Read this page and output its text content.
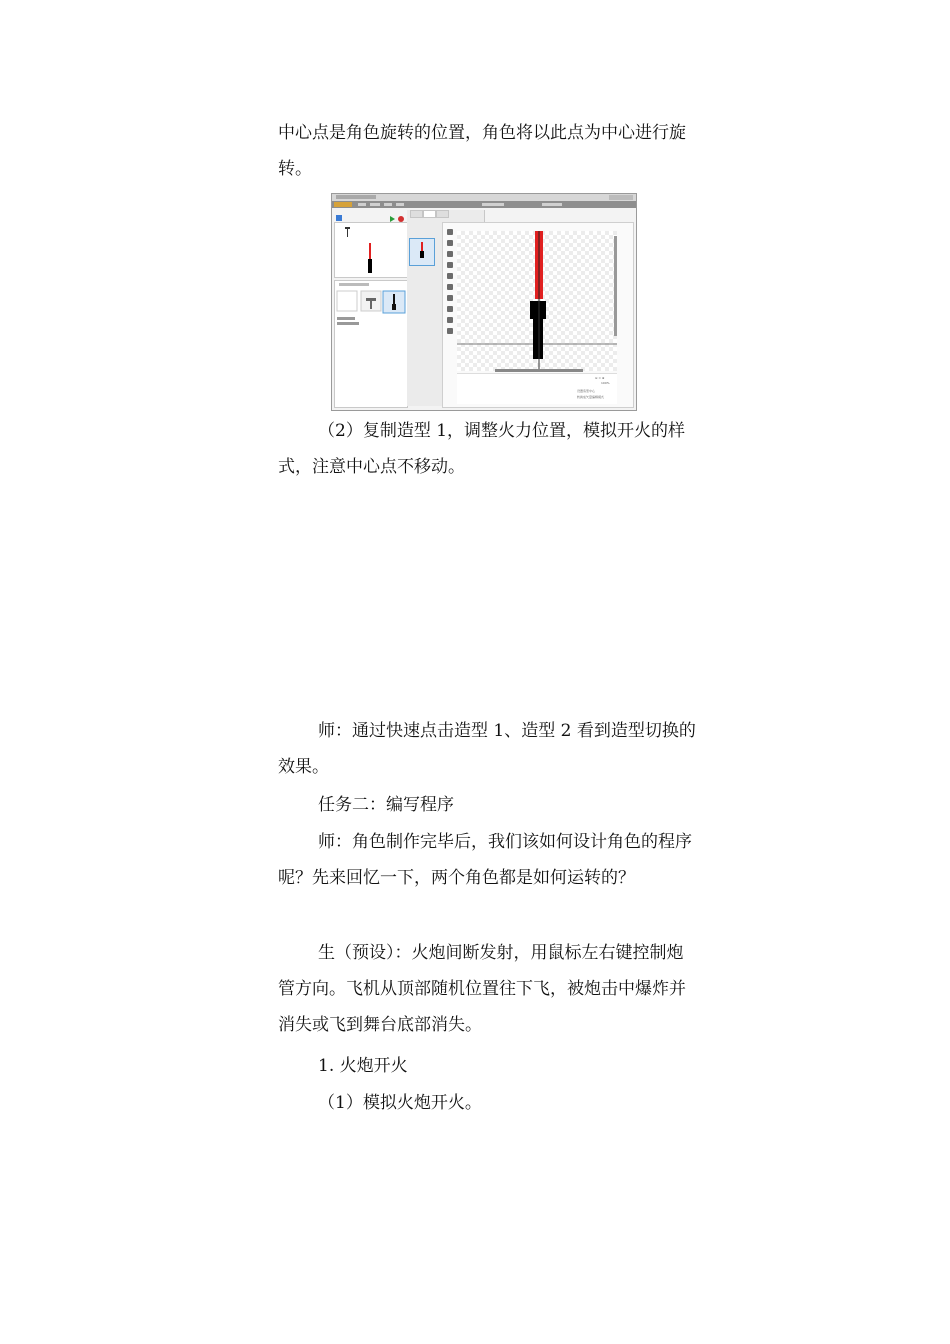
中心点是角色旋转的位置，角色将以此点为中心进行旋转。

⊖ = ⊕
100%
设置造型中心
转换成矢量编辑模式

（2）复制造型 1，调整火力位置，模拟开火的样式，注意中心点不移动。

师：通过快速点击造型 1、造型 2 看到造型切换的效果。

任务二：编写程序

师：角色制作完毕后，我们该如何设计角色的程序呢？先来回忆一下，两个角色都是如何运转的？

生（预设）：火炮间断发射，用鼠标左右键控制炮管方向。飞机从顶部随机位置往下飞，被炮击中爆炸并消失或飞到舞台底部消失。

1. 火炮开火

（1）模拟火炮开火。
